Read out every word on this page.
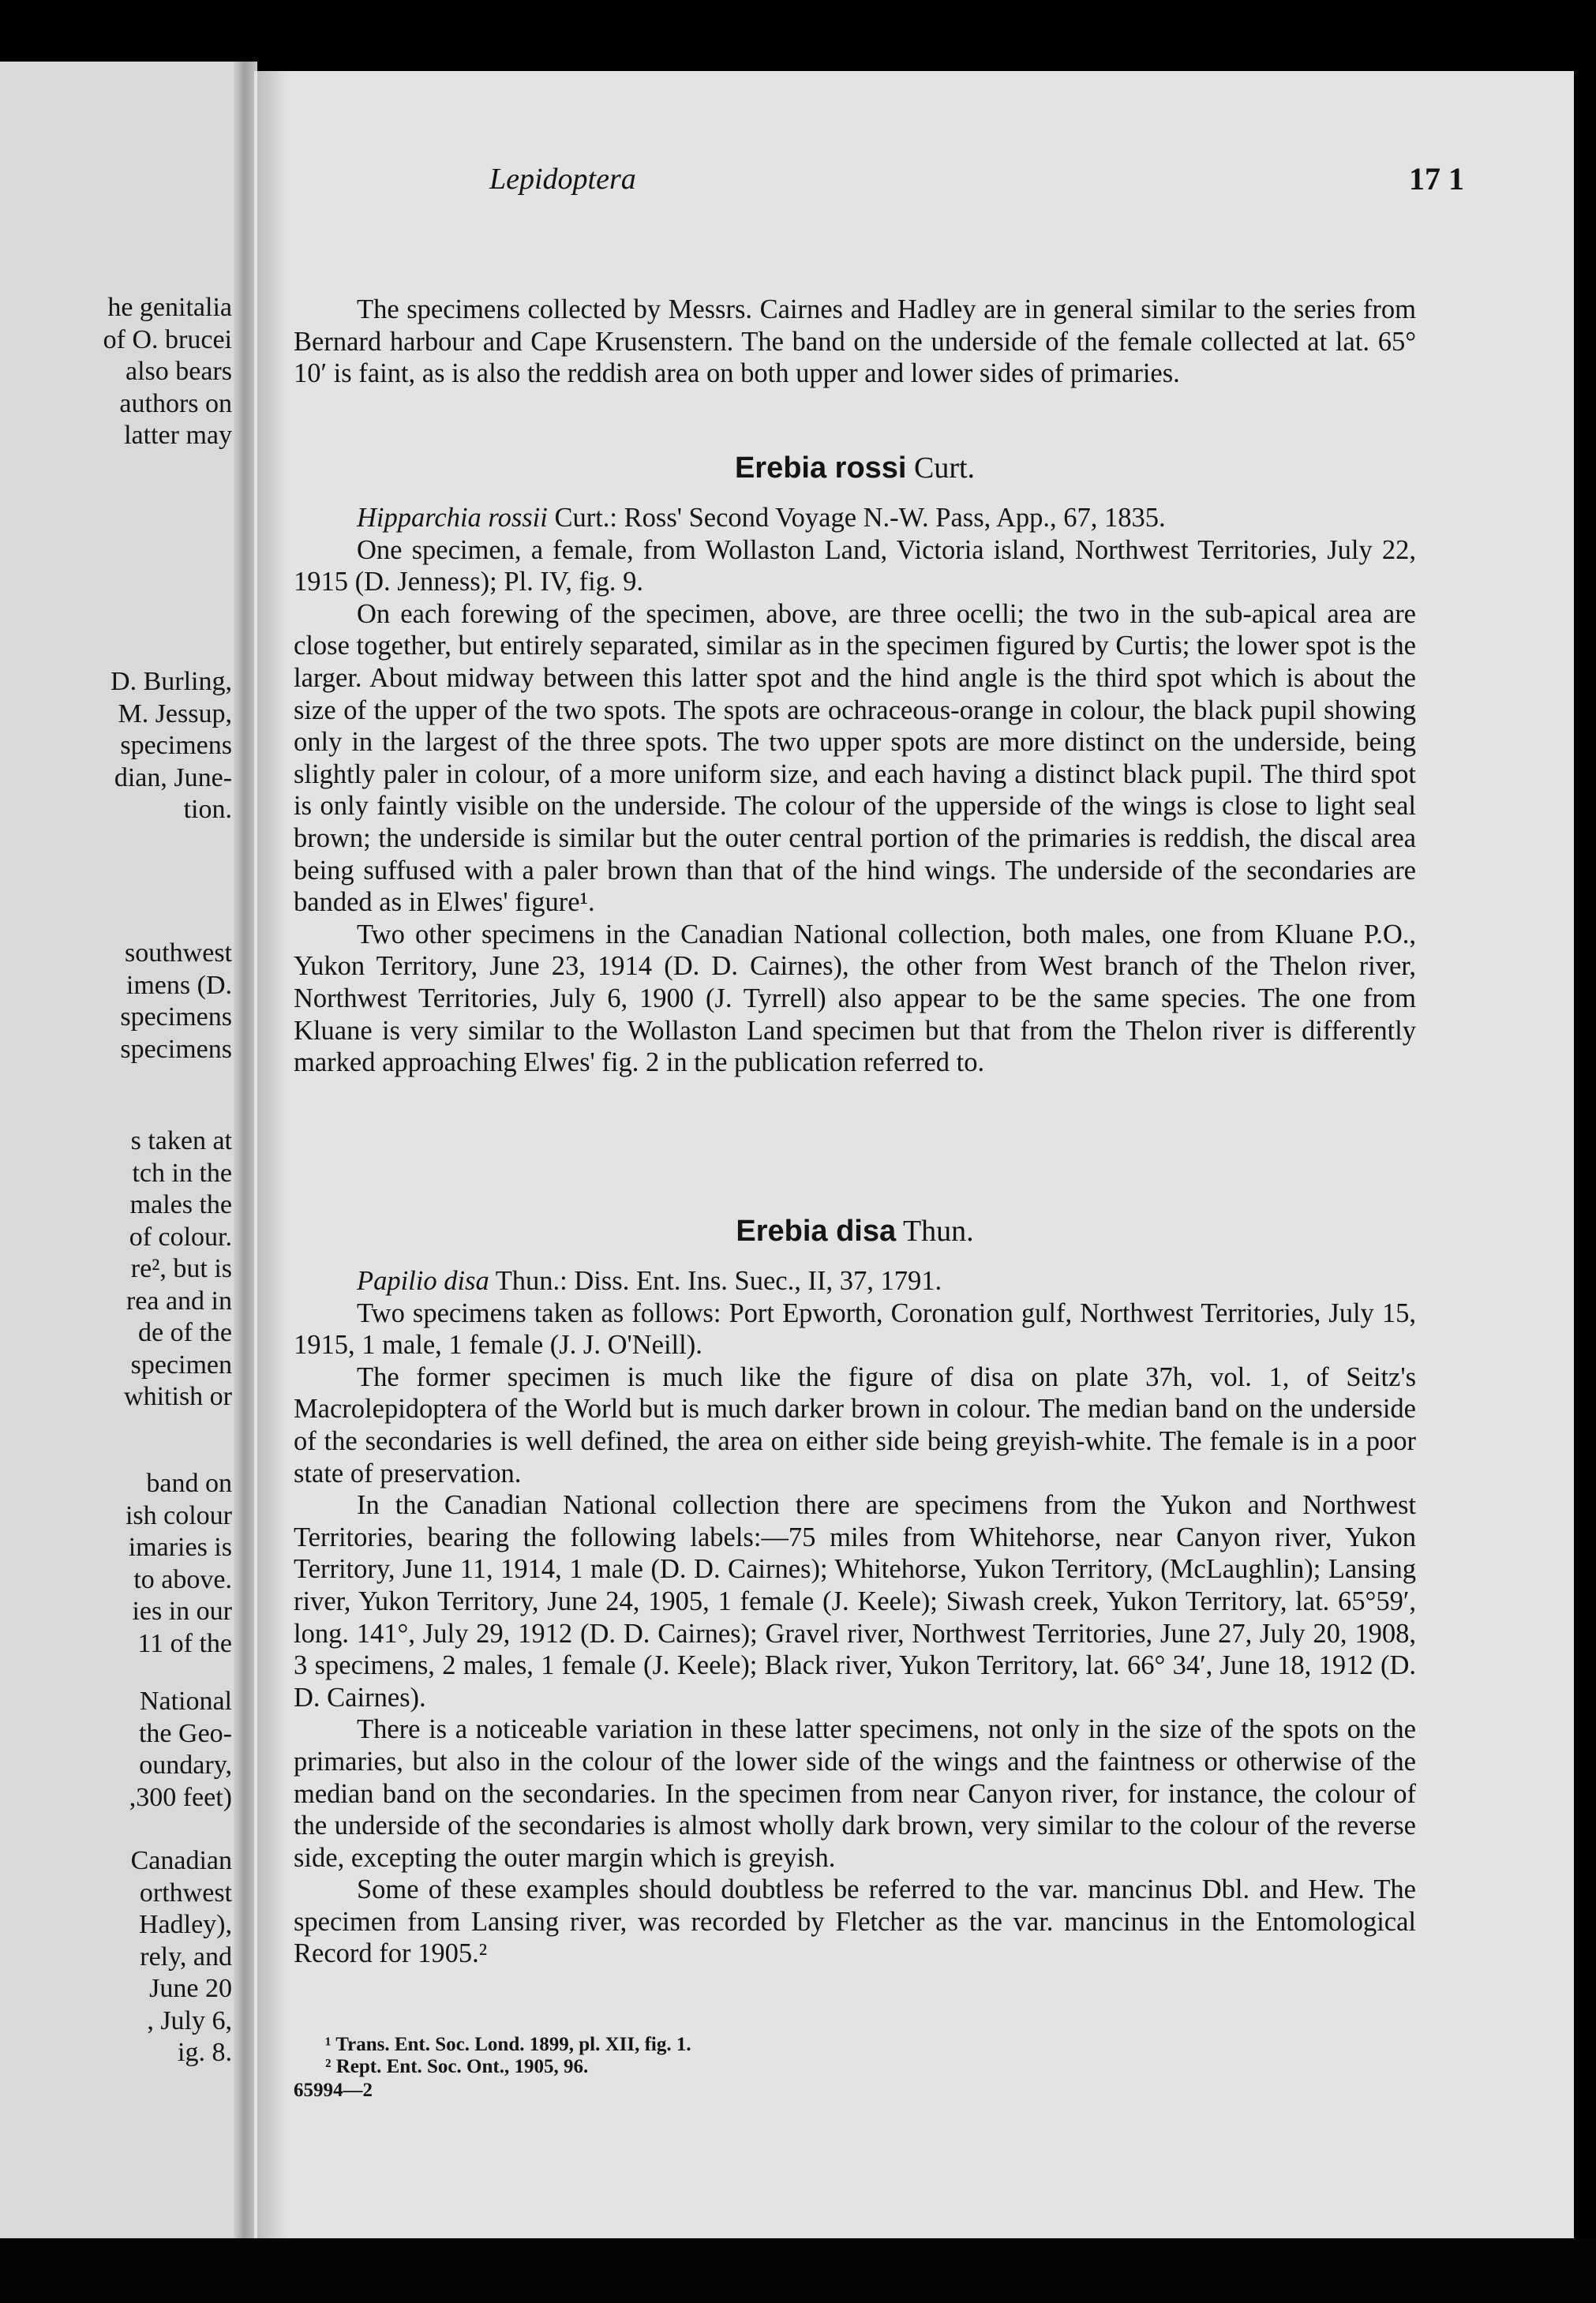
he genitalia
of O. brucei
also bears
authors on
latter may
D. Burling,
M. Jessup,
specimens
dian, June-
tion.
southwest
imens (D.
specimens
specimens
s taken at
tch in the
males the
of colour.
re², but is
rea and in
de of the
specimen
whitish or
band on
ish colour
imaries is
to above.
ies in our
11 of the
National
the Geo-
oundary,
,300 feet)
Canadian
orthwest
Hadley),
rely, and
June 20
, July 6,
ig. 8.
Lepidoptera	17 1

The specimens collected by Messrs. Cairnes and Hadley are in general similar to the series from Bernard harbour and Cape Krusenstern. The band on the underside of the female collected at lat. 65° 10′ is faint, as is also the reddish area on both upper and lower sides of primaries.

Erebia rossi Curt.

Hipparchia rossii Curt.: Ross' Second Voyage N.-W. Pass, App., 67, 1835.

One specimen, a female, from Wollaston Land, Victoria island, Northwest Territories, July 22, 1915 (D. Jenness); Pl. IV, fig. 9.

On each forewing of the specimen, above, are three ocelli; the two in the sub-apical area are close together, but entirely separated, similar as in the specimen figured by Curtis; the lower spot is the larger. About midway between this latter spot and the hind angle is the third spot which is about the size of the upper of the two spots. The spots are ochraceous-orange in colour, the black pupil showing only in the largest of the three spots. The two upper spots are more distinct on the underside, being slightly paler in colour, of a more uniform size, and each having a distinct black pupil. The third spot is only faintly visible on the underside. The colour of the upperside of the wings is close to light seal brown; the underside is similar but the outer central portion of the primaries is reddish, the discal area being suffused with a paler brown than that of the hind wings. The underside of the secondaries are banded as in Elwes' figure¹.

Two other specimens in the Canadian National collection, both males, one from Kluane P.O., Yukon Territory, June 23, 1914 (D. D. Cairnes), the other from West branch of the Thelon river, Northwest Territories, July 6, 1900 (J. Tyrrell) also appear to be the same species. The one from Kluane is very similar to the Wollaston Land specimen but that from the Thelon river is differently marked approaching Elwes' fig. 2 in the publication referred to.

Erebia disa Thun.

Papilio disa Thun.: Diss. Ent. Ins. Suec., II, 37, 1791.

Two specimens taken as follows: Port Epworth, Coronation gulf, Northwest Territories, July 15, 1915, 1 male, 1 female (J. J. O'Neill).

The former specimen is much like the figure of disa on plate 37h, vol. 1, of Seitz's Macrolepidoptera of the World but is much darker brown in colour. The median band on the underside of the secondaries is well defined, the area on either side being greyish-white. The female is in a poor state of preservation.

In the Canadian National collection there are specimens from the Yukon and Northwest Territories, bearing the following labels:—75 miles from Whitehorse, near Canyon river, Yukon Territory, June 11, 1914, 1 male (D. D. Cairnes); Whitehorse, Yukon Territory, (McLaughlin); Lansing river, Yukon Territory, June 24, 1905, 1 female (J. Keele); Siwash creek, Yukon Territory, lat. 65°59′, long. 141°, July 29, 1912 (D. D. Cairnes); Gravel river, Northwest Territories, June 27, July 20, 1908, 3 specimens, 2 males, 1 female (J. Keele); Black river, Yukon Territory, lat. 66° 34′, June 18, 1912 (D. D. Cairnes).

There is a noticeable variation in these latter specimens, not only in the size of the spots on the primaries, but also in the colour of the lower side of the wings and the faintness or otherwise of the median band on the secondaries. In the specimen from near Canyon river, for instance, the colour of the underside of the secondaries is almost wholly dark brown, very similar to the colour of the reverse side, excepting the outer margin which is greyish.

Some of these examples should doubtless be referred to the var. mancinus Dbl. and Hew. The specimen from Lansing river, was recorded by Fletcher as the var. mancinus in the Entomological Record for 1905.²

¹ Trans. Ent. Soc. Lond. 1899, pl. XII, fig. 1.
² Rept. Ent. Soc. Ont., 1905, 96.
65994—2
